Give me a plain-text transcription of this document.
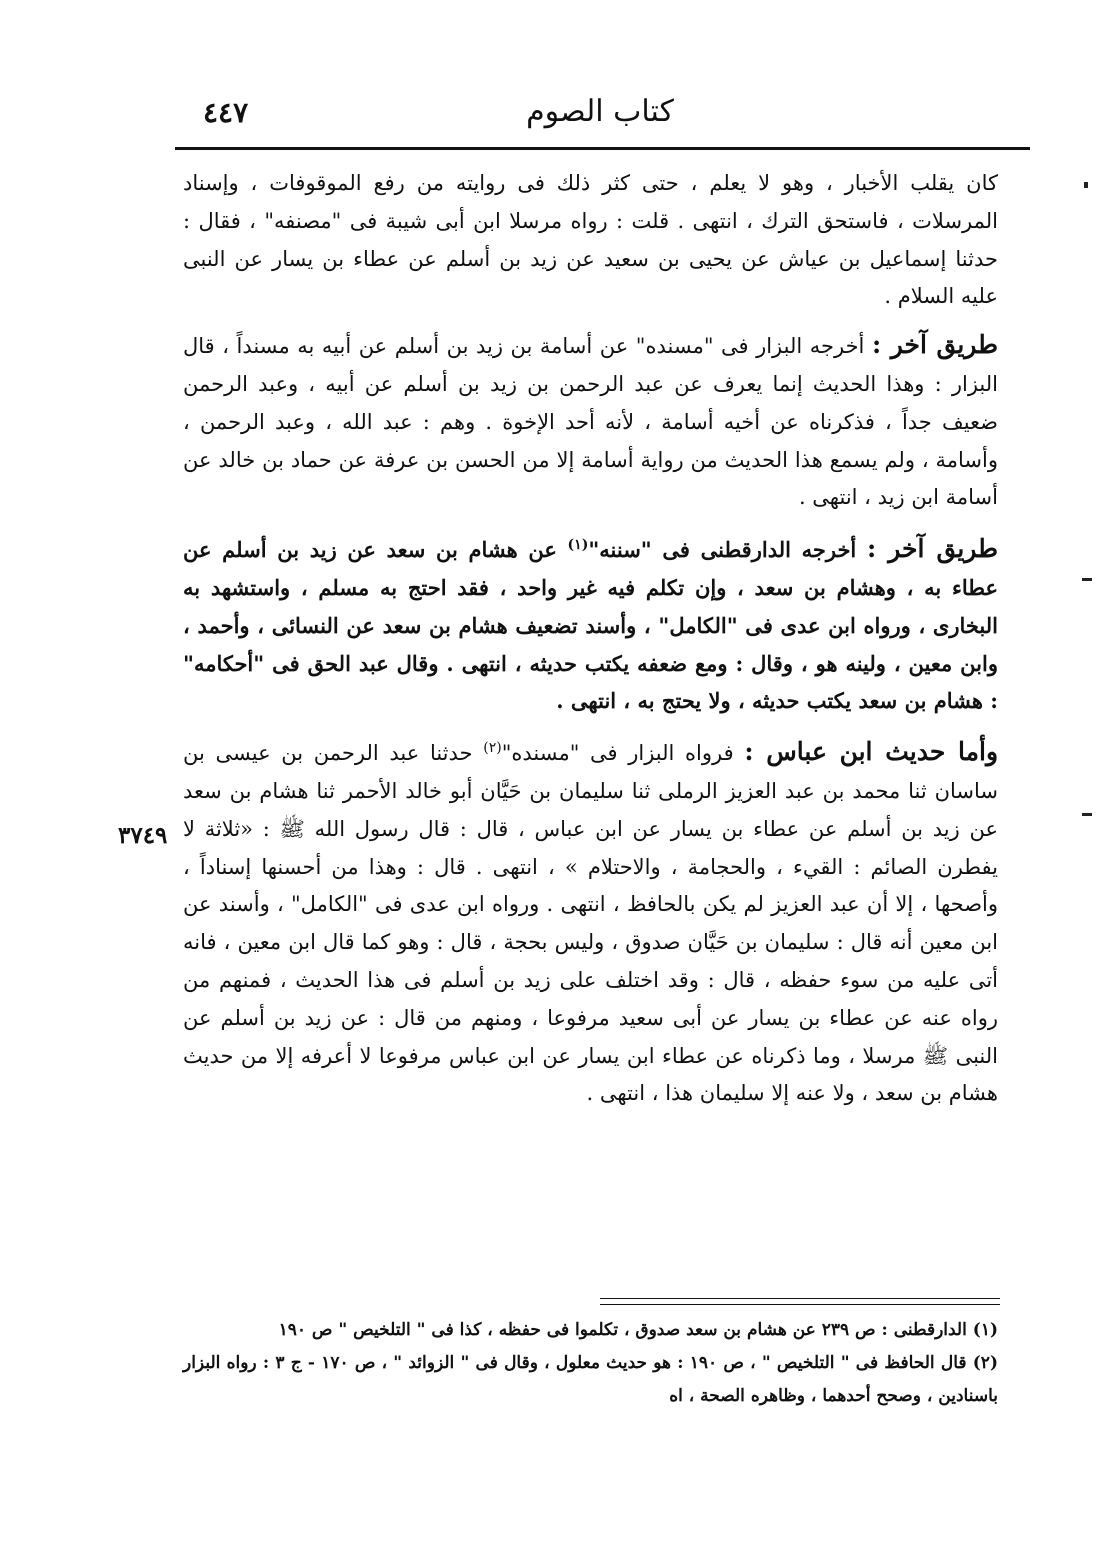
٤٤٧	كتاب الصوم
٣٧٤٩

كان يقلب الأخبار ، وهو لا يعلم ، حتى كثر ذلك فى روايته من رفع الموقوفات ، وإسناد المرسلات ، فاستحق الترك ، انتهى . قلت : رواه مرسلا ابن أبى شيبة فى "مصنفه" ، فقال : حدثنا إسماعيل بن عياش عن يحيى بن سعيد عن زيد بن أسلم عن عطاء بن يسار عن النبى عليه السلام .

طريق آخر : أخرجه البزار فى "مسنده" عن أسامة بن زيد بن أسلم عن أبيه به مسنداً ، قال البزار : وهذا الحديث إنما يعرف عن عبد الرحمن بن زيد بن أسلم عن أبيه ، وعبد الرحمن ضعيف جداً ، فذكرناه عن أخيه أسامة ، لأنه أحد الإخوة . وهم : عبد الله ، وعبد الرحمن ، وأسامة ، ولم يسمع هذا الحديث من رواية أسامة إلا من الحسن بن عرفة عن حماد بن خالد عن أسامة ابن زيد ، انتهى .

طريق آخر : أخرجه الدارقطنى فى "سننه"$^{(١)}$ عن هشام بن سعد عن زيد بن أسلم عن عطاء به ، وهشام بن سعد ، وإن تكلم فيه غير واحد ، فقد احتج به مسلم ، واستشهد به البخارى ، ورواه ابن عدى فى "الكامل" ، وأسند تضعيف هشام بن سعد عن النسائى ، وأحمد ، وابن معين ، ولينه هو ، وقال : ومع ضعفه يكتب حديثه ، انتهى . وقال عبد الحق فى "أحكامه" : هشام بن سعد يكتب حديثه ، ولا يحتج به ، انتهى .

وأما حديث ابن عباس : فرواه البزار فى "مسنده"$^{(٢)}$ حدثنا عبد الرحمن بن عيسى بن ساسان ثنا محمد بن عبد العزيز الرملى ثنا سليمان بن حَيَّان أبو خالد الأحمر ثنا هشام بن سعد عن زيد بن أسلم عن عطاء بن يسار عن ابن عباس ، قال : قال رسول الله ﷺ : «ثلاثة لا يفطرن الصائم : القيء ، والحجامة ، والاحتلام » ، انتهى . قال : وهذا من أحسنها إسناداً ، وأصحها ، إلا أن عبد العزيز لم يكن بالحافظ ، انتهى . ورواه ابن عدى فى "الكامل" ، وأسند عن ابن معين أنه قال : سليمان بن حَيَّان صدوق ، وليس بحجة ، قال : وهو كما قال ابن معين ، فانه أتى عليه من سوء حفظه ، قال : وقد اختلف على زيد بن أسلم فى هذا الحديث ، فمنهم من رواه عنه عن عطاء بن يسار عن أبى سعيد مرفوعا ، ومنهم من قال : عن زيد بن أسلم عن النبى ﷺ مرسلا ، وما ذكرناه عن عطاء ابن يسار عن ابن عباس مرفوعا لا أعرفه إلا من حديث هشام بن سعد ، ولا عنه إلا سليمان هذا ، انتهى .

(١) الدارقطنى : ص ٢٣٩ عن هشام بن سعد صدوق ، تكلموا فى حفظه ، كذا فى " التلخيص " ص ١٩٠

(٢) قال الحافظ فى " التلخيص " ، ص ١٩٠ : هو حديث معلول ، وقال فى " الزوائد " ، ص ١٧٠ - ج ٣ : رواه البزار باسنادين ، وصحح أحدهما ، وظاهره الصحة ، اه
